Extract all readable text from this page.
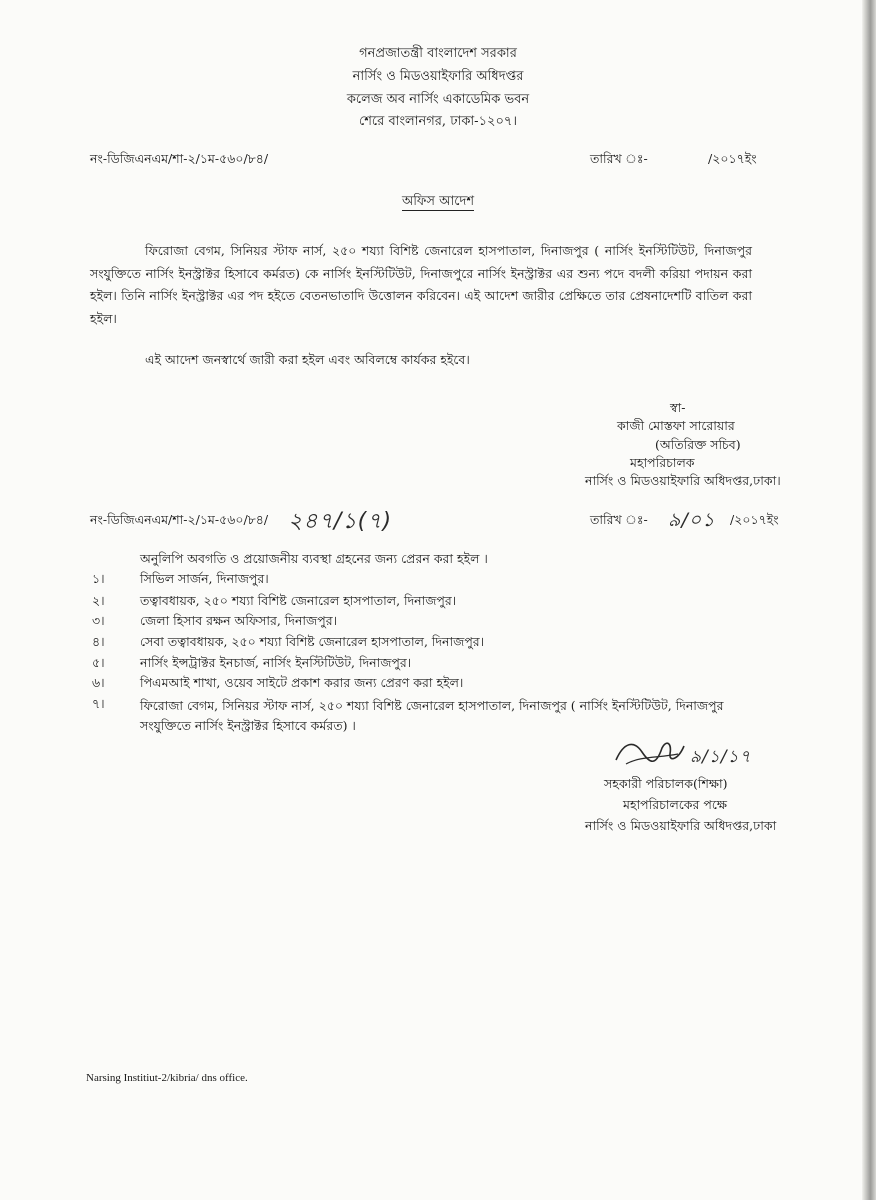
গনপ্রজাতন্ত্রী বাংলাদেশ সরকার
নার্সিং ও মিডওয়াইফারি অধিদপ্তর
কলেজ অব নার্সিং একাডেমিক ভবন
শেরে বাংলানগর, ঢাকা-১২০৭।
নং-ডিজিএনএম/শা-২/১ম-৫৬০/৮৪/	তারিখ ঃ-	/২০১৭ইং
অফিস আদেশ
ফিরোজা বেগম, সিনিয়র স্টাফ নার্স, ২৫০ শয্যা বিশিষ্ট জেনারেল হাসপাতাল, দিনাজপুর ( নার্সিং ইনস্টিটিউট, দিনাজপুর সংযুক্তিতে নার্সিং ইনস্ট্রাক্টর হিসাবে কর্মরত) কে নার্সিং ইনস্টিটিউট, দিনাজপুরে নার্সিং ইনস্ট্রাক্টর এর শুন্য পদে বদলী করিয়া পদায়ন করা হইল। তিনি নার্সিং ইনস্ট্রাক্টর এর পদ হইতে বেতনভাতাদি উত্তোলন করিবেন। এই আদেশ জারীর প্রেক্ষিতে তার প্রেষনাদেশটি বাতিল করা হইল।
এই আদেশ জনস্বার্থে জারী করা হইল এবং অবিলম্বে কার্যকর হইবে।
স্বা-
কাজী মোস্তফা সারোয়ার
(অতিরিক্ত সচিব)
মহাপরিচালক
নার্সিং ও মিডওয়াইফারি অধিদপ্তর,ঢাকা।
নং-ডিজিএনএম/শা-২/১ম-৫৬০/৮৪/ ২৪৭/১(৭)	তারিখ ঃ- ৯/০১ /২০১৭ইং
অনুলিপি অবগতি ও প্রয়োজনীয় ব্যবস্থা গ্রহনের জন্য প্রেরন করা হইল ।
১।	সিভিল সার্জন, দিনাজপুর।
২।	তত্বাবধায়ক, ২৫০ শয্যা বিশিষ্ট জেনারেল হাসপাতাল, দিনাজপুর।
৩।	জেলা হিসাব রক্ষন অফিসার, দিনাজপুর।
৪।	সেবা তত্বাবধায়ক, ২৫০ শয্যা বিশিষ্ট জেনারেল হাসপাতাল, দিনাজপুর।
৫।	নার্সিং ইন্সট্রাক্টর ইনচার্জ, নার্সিং ইনস্টিটিউট, দিনাজপুর।
৬।	পিএমআই শাখা, ওয়েব সাইটে প্রকাশ করার জন্য প্রেরণ করা হইল।
৭।	ফিরোজা বেগম, সিনিয়র স্টাফ নার্স, ২৫০ শয্যা বিশিষ্ট জেনারেল হাসপাতাল, দিনাজপুর ( নার্সিং ইনস্টিটিউট, দিনাজপুর সংযুক্তিতে নার্সিং ইনস্ট্রাক্টর হিসাবে কর্মরত) ।
৯/১/১৭
সহকারী পরিচালক(শিক্ষা)
মহাপরিচালকের পক্ষে
নার্সিং ও মিডওয়াইফারি অধিদপ্তর,ঢাকা
Narsing Institiut-2/kibria/ dns office.
